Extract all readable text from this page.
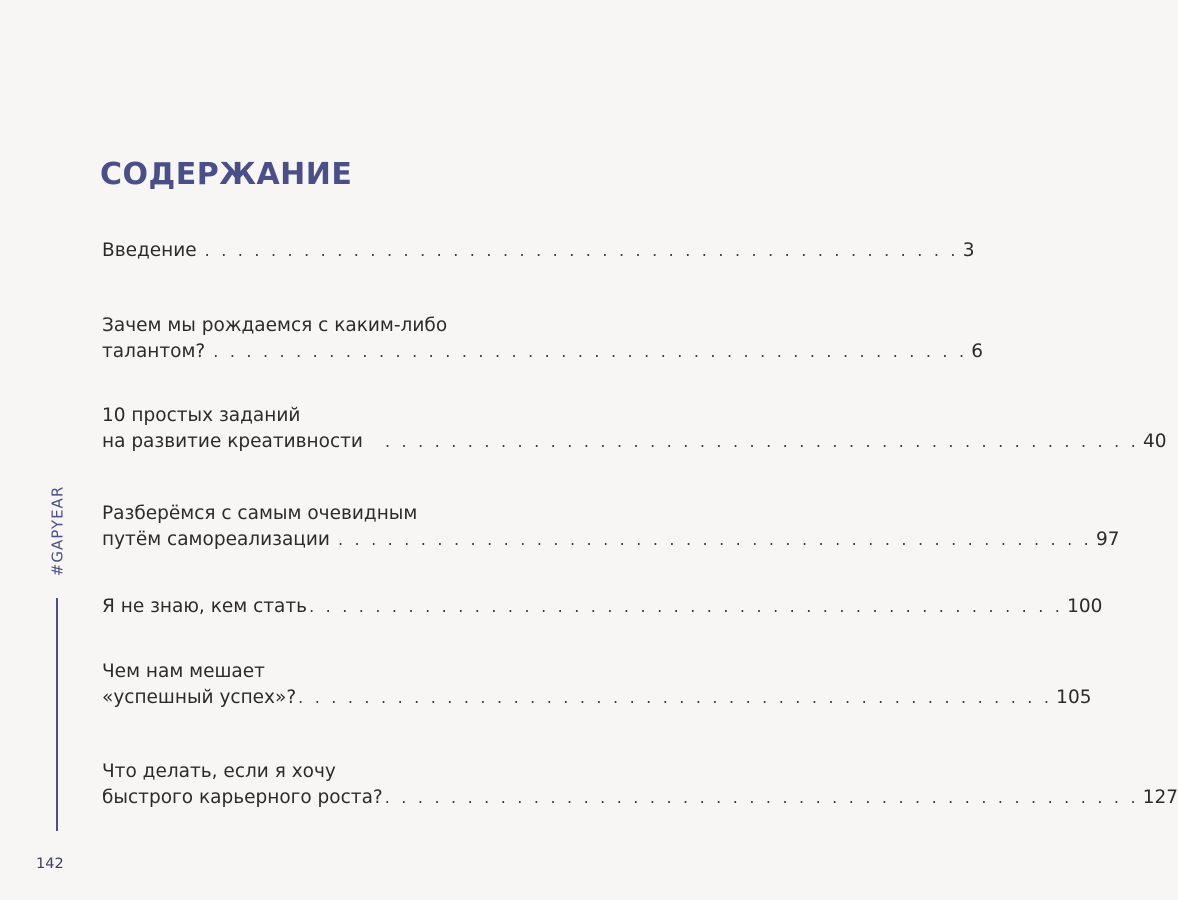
СОДЕРЖАНИЕ
Введение . . . . . . . . . . . . . . . . . . . . . . . . . . . . . . . . . . . . . . . . . . . . . . 3
Зачем мы рождаемся с каким-либо
талантом? . . . . . . . . . . . . . . . . . . . . . . . . . . . . . . . . . . . . . . . . . . . . . . 6
10 простых заданий
на развитие креативности . . . . . . . . . . . . . . . . . . . . . . . . . . . . . . . . . . . . . . . . . . . . . . 40
Разберёмся с самым очевидным
путём самореализации . . . . . . . . . . . . . . . . . . . . . . . . . . . . . . . . . . . . . . . . . . . . . . 97
Я не знаю, кем стать . . . . . . . . . . . . . . . . . . . . . . . . . . . . . . . . . . . . . . . . . . . . . . 100
Чем нам мешает
«успешный успех»? . . . . . . . . . . . . . . . . . . . . . . . . . . . . . . . . . . . . . . . . . . . . . . 105
Что делать, если я хочу
быстрого карьерного роста? . . . . . . . . . . . . . . . . . . . . . . . . . . . . . . . . . . . . . . . . . . . . . . 127
#GAPYEAR
142
